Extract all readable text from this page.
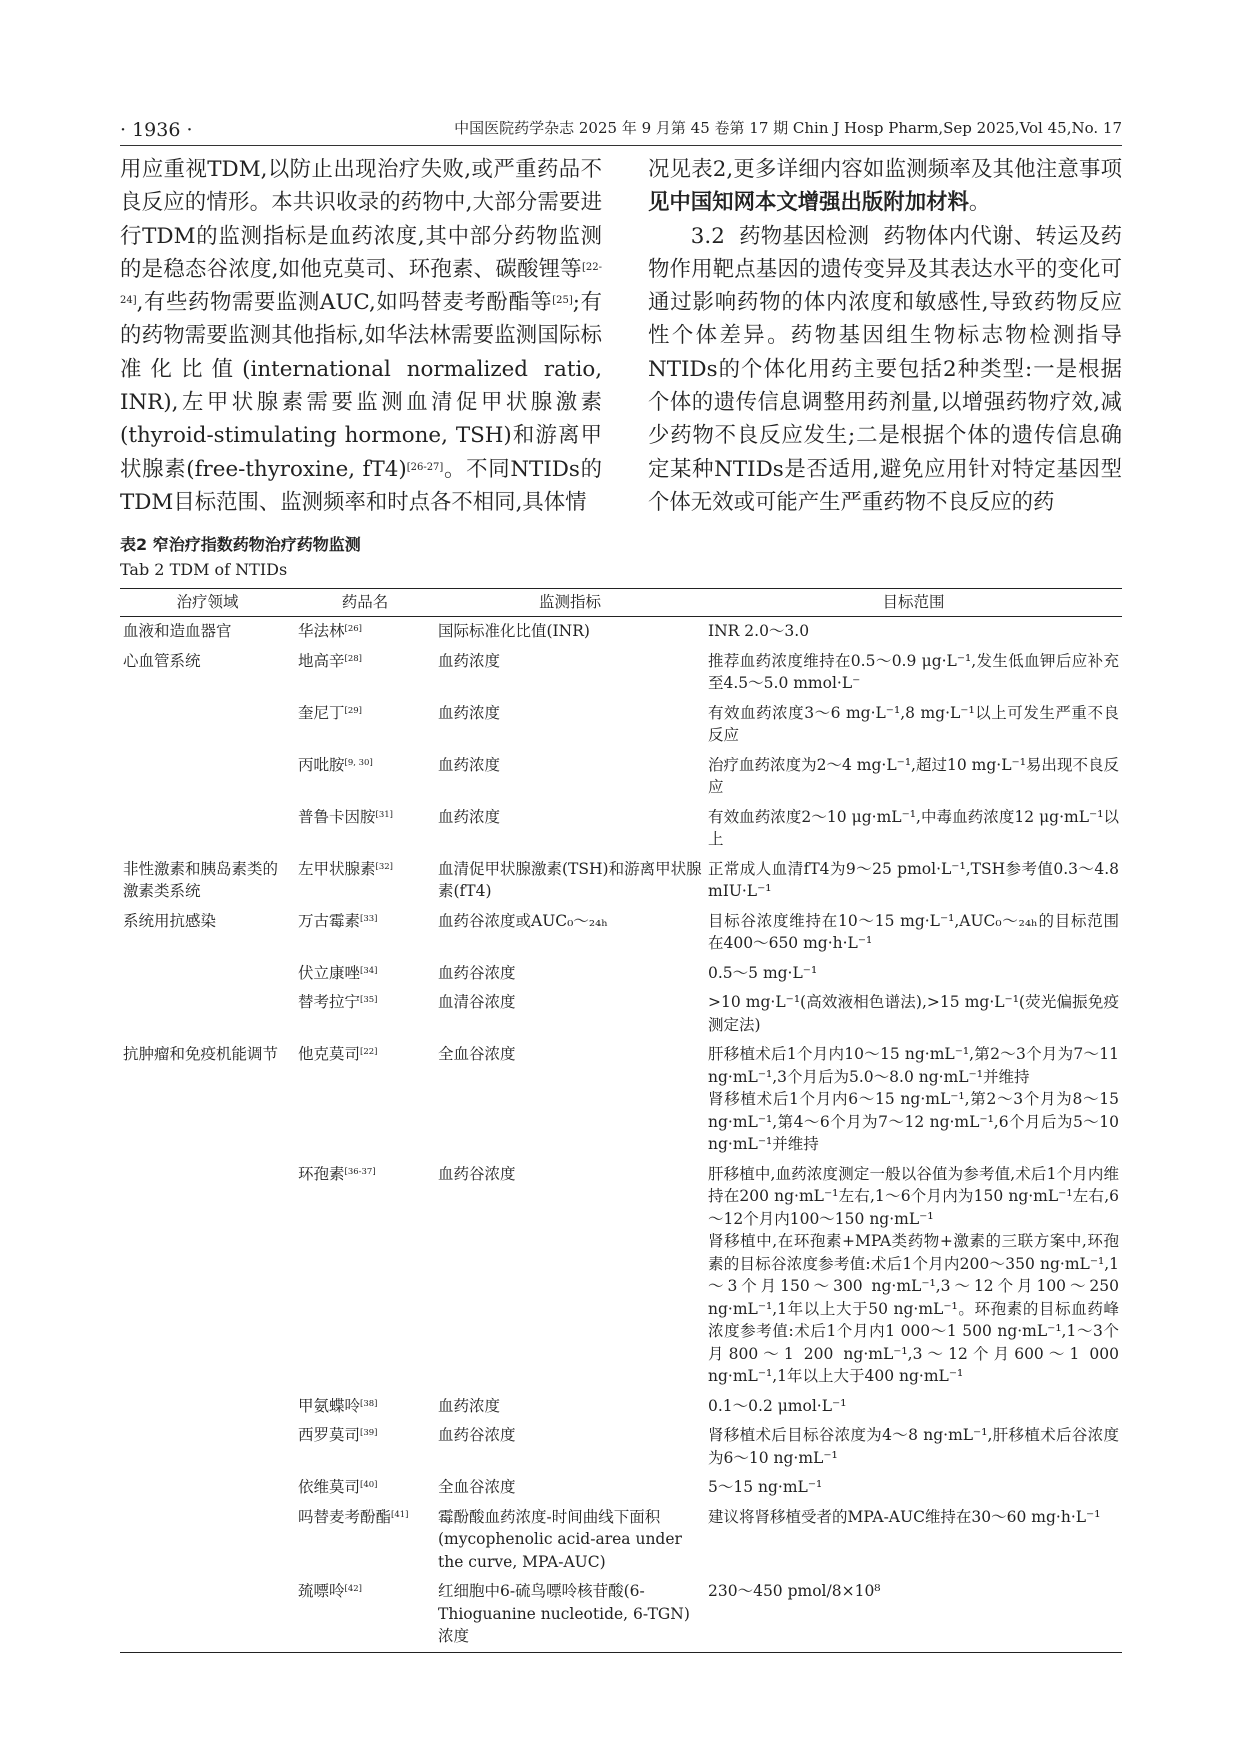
· 1936 ·	中国医院药学杂志 2025 年 9 月第 45 卷第 17 期 Chin J Hosp Pharm,Sep 2025,Vol 45,No. 17

用应重视TDM,以防止出现治疗失败,或严重药品不良反应的情形。本共识收录的药物中,大部分需要进行TDM的监测指标是血药浓度,其中部分药物监测的是稳态谷浓度,如他克莫司、环孢素、碳酸锂等[22-24],有些药物需要监测AUC,如吗替麦考酚酯等[25];有的药物需要监测其他指标,如华法林需要监测国际标准化比值(international normalized ratio, INR),左甲状腺素需要监测血清促甲状腺激素(thyroid-stimulating hormone, TSH)和游离甲状腺素(free-thyroxine, fT4)[26-27]。不同NTIDs的TDM目标范围、监测频率和时点各不相同,具体情

况见表2,更多详细内容如监测频率及其他注意事项见中国知网本文增强出版附加材料。

3.2 药物基因检测 药物体内代谢、转运及药物作用靶点基因的遗传变异及其表达水平的变化可通过影响药物的体内浓度和敏感性,导致药物反应性个体差异。药物基因组生物标志物检测指导NTIDs的个体化用药主要包括2种类型:一是根据个体的遗传信息调整用药剂量,以增强药物疗效,减少药物不良反应发生;二是根据个体的遗传信息确定某种NTIDs是否适用,避免应用针对特定基因型个体无效或可能产生严重药物不良反应的药

表2 窄治疗指数药物治疗药物监测
Tab 2 TDM of NTIDs
治疗领域	药品名	监测指标	目标范围
血液和造血器官	华法林[26]	国际标准化比值(INR)	INR 2.0～3.0

心血管系统	地高辛[28]	血药浓度	推荐血药浓度维持在0.5～0.9 μg·L⁻¹,发生低血钾后应补充至4.5～5.0 mmol·L⁻

	奎尼丁[29]	血药浓度	有效血药浓度3～6 mg·L⁻¹,8 mg·L⁻¹以上可发生严重不良反应

	丙吡胺[9, 30]	血药浓度	治疗血药浓度为2～4 mg·L⁻¹,超过10 mg·L⁻¹易出现不良反应

	普鲁卡因胺[31]	血药浓度	有效血药浓度2～10 μg·mL⁻¹,中毒血药浓度12 μg·mL⁻¹以上

非性激素和胰岛素类的激素类系统	左甲状腺素[32]	血清促甲状腺激素(TSH)和游离甲状腺素(fT4)	正常成人血清fT4为9～25 pmol·L⁻¹,TSH参考值0.3～4.8 mIU·L⁻¹

系统用抗感染	万古霉素[33]	血药谷浓度或AUC₀～₂₄ₕ	目标谷浓度维持在10～15 mg·L⁻¹,AUC₀～₂₄ₕ的目标范围在400～650 mg·h·L⁻¹

	伏立康唑[34]	血药谷浓度	0.5～5 mg·L⁻¹

	替考拉宁[35]	血清谷浓度	>10 mg·L⁻¹(高效液相色谱法),>15 mg·L⁻¹(荧光偏振免疫测定法)

抗肿瘤和免疫机能调节	他克莫司[22]	全血谷浓度	肝移植术后1个月内10～15 ng·mL⁻¹,第2～3个月为7～11 ng·mL⁻¹,3个月后为5.0～8.0 ng·mL⁻¹并维持
肾移植术后1个月内6～15 ng·mL⁻¹,第2～3个月为8～15 ng·mL⁻¹,第4～6个月为7～12 ng·mL⁻¹,6个月后为5～10 ng·mL⁻¹并维持

	环孢素[36-37]	血药谷浓度	肝移植中,血药浓度测定一般以谷值为参考值,术后1个月内维持在200 ng·mL⁻¹左右,1～6个月内为150 ng·mL⁻¹左右,6～12个月内100～150 ng·mL⁻¹
肾移植中,在环孢素+MPA类药物+激素的三联方案中,环孢素的目标谷浓度参考值:术后1个月内200～350 ng·mL⁻¹,1～3个月150～300 ng·mL⁻¹,3～12个月100～250 ng·mL⁻¹,1年以上大于50 ng·mL⁻¹。环孢素的目标血药峰浓度参考值:术后1个月内1 000～1 500 ng·mL⁻¹,1～3个月800～1 200 ng·mL⁻¹,3～12个月600～1 000 ng·mL⁻¹,1年以上大于400 ng·mL⁻¹

	甲氨蝶呤[38]	血药浓度	0.1～0.2 μmol·L⁻¹

	西罗莫司[39]	血药谷浓度	肾移植术后目标谷浓度为4～8 ng·mL⁻¹,肝移植术后谷浓度为6～10 ng·mL⁻¹

	依维莫司[40]	全血谷浓度	5～15 ng·mL⁻¹

	吗替麦考酚酯[41]	霉酚酸血药浓度-时间曲线下面积(mycophenolic acid-area under the curve, MPA-AUC)	建议将肾移植受者的MPA-AUC维持在30～60 mg·h·L⁻¹

	巯嘌呤[42]	红细胞中6-硫鸟嘌呤核苷酸(6-Thioguanine nucleotide, 6-TGN)浓度	230～450 pmol/8×10⁸
